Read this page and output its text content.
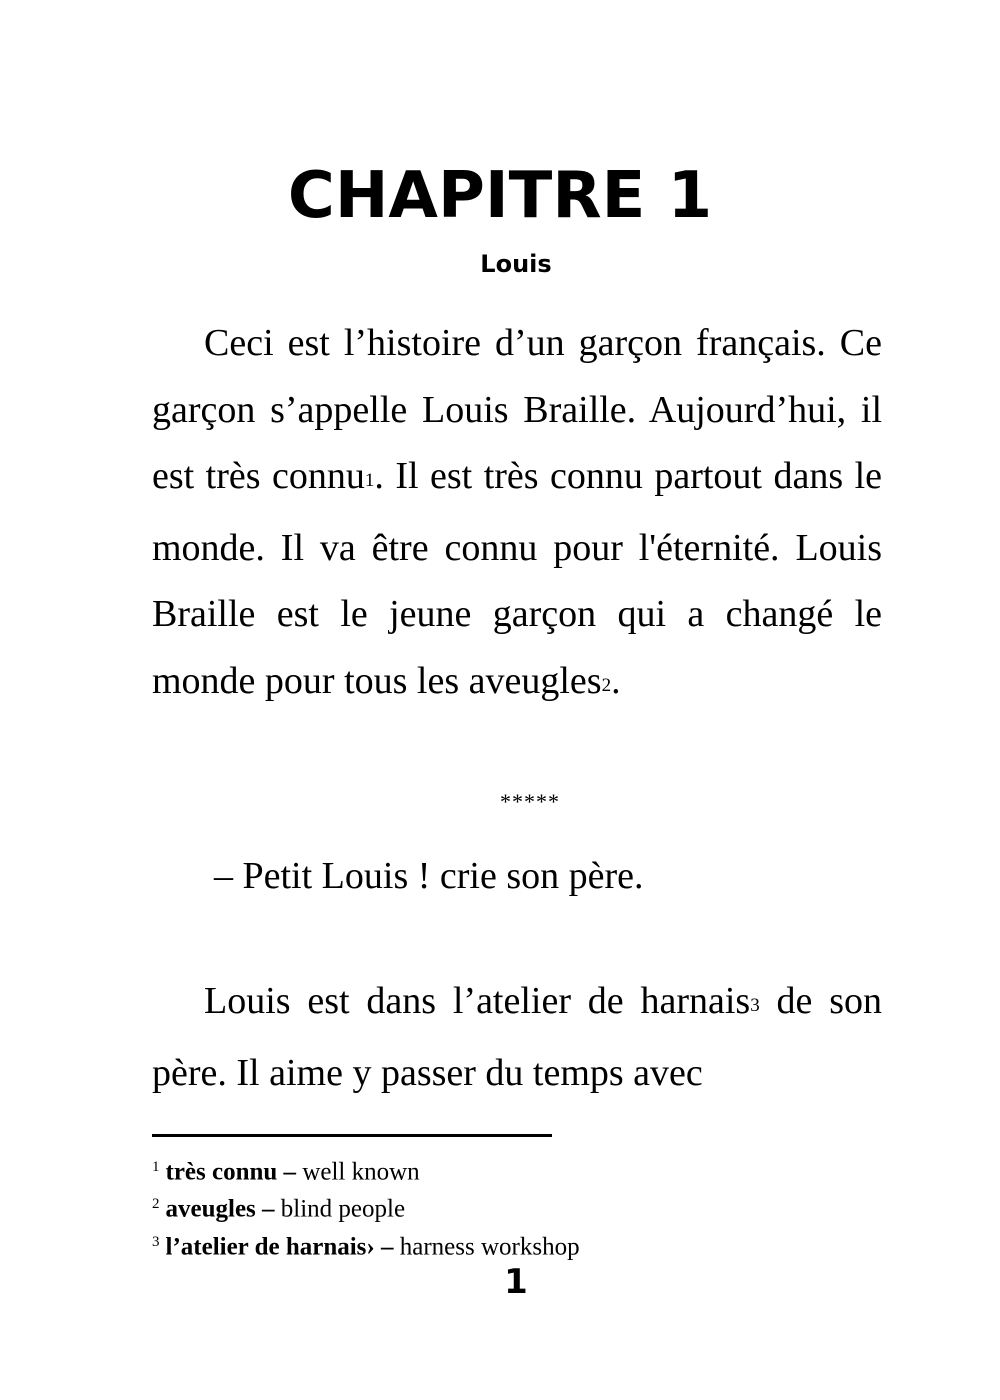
CHAPITRE 1
Louis

Ceci est l’histoire d’un garçon français. Ce garçon s’appelle Louis Braille. Aujourd’hui, il est très connu1. Il est très connu partout dans le monde. Il va être connu pour l'éternité. Louis Braille est le jeune garçon qui a changé le monde pour tous les aveugles2.

*****

– Petit Louis ! crie son père.

Louis est dans l’atelier de harnais3 de son père. Il aime y passer du temps avec

$^1$ très connu – well known
$^2$ aveugles – blind people
$^3$ l’atelier de harnais› – harness workshop
1
